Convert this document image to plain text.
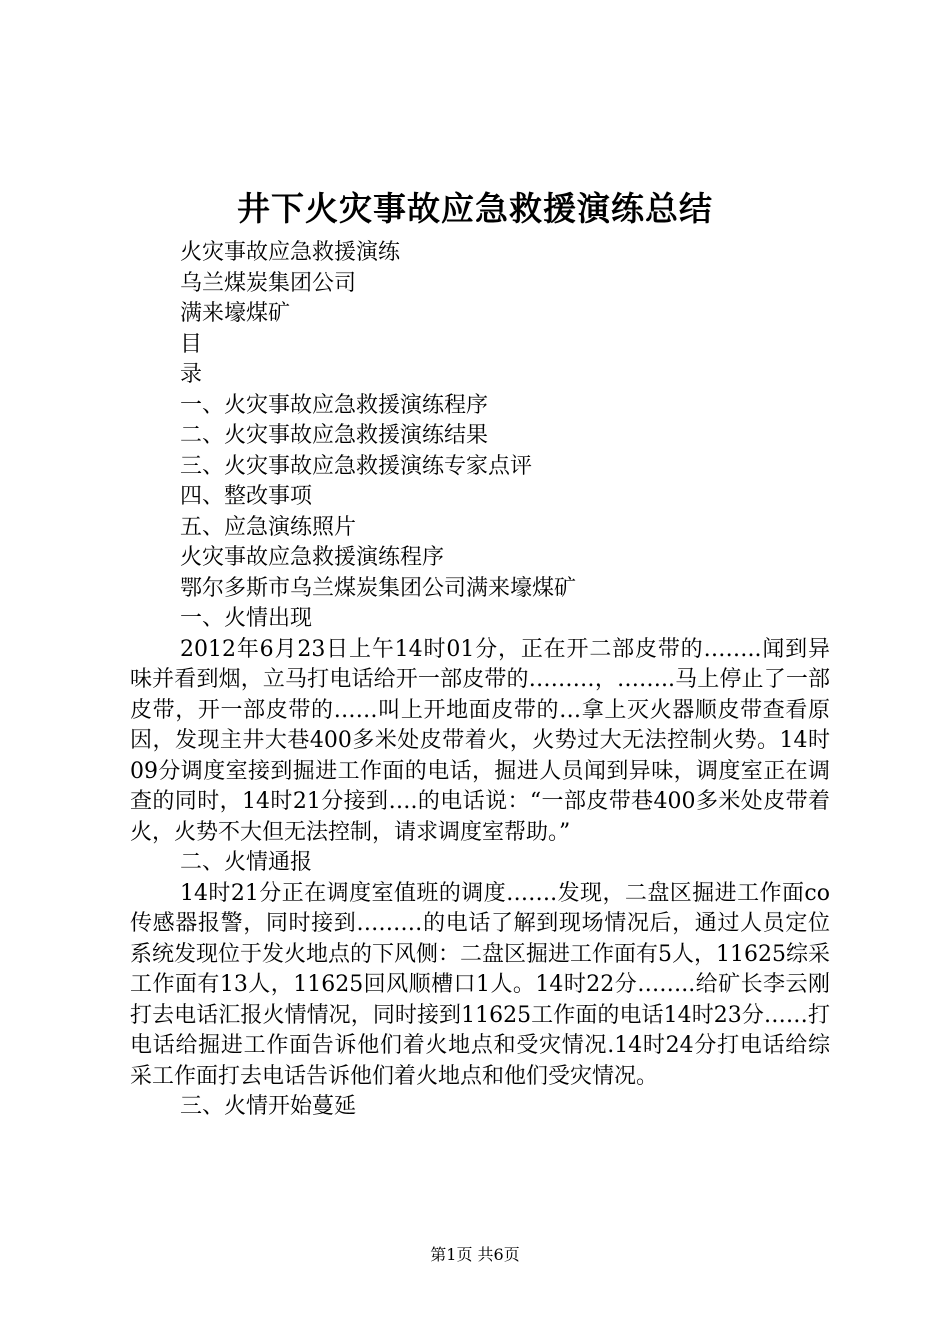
井下火灾事故应急救援演练总结
火灾事故应急救援演练
乌兰煤炭集团公司
满来壕煤矿
目
录
一、火灾事故应急救援演练程序
二、火灾事故应急救援演练结果
三、火灾事故应急救援演练专家点评
四、整改事项
五、应急演练照片
火灾事故应急救援演练程序
鄂尔多斯市乌兰煤炭集团公司满来壕煤矿
一、火情出现
2012年6月23日上午14时01分，正在开二部皮带的……..闻到异味并看到烟，立马打电话给开一部皮带的………，……..马上停止了一部皮带，开一部皮带的……叫上开地面皮带的…拿上灭火器顺皮带查看原因，发现主井大巷400多米处皮带着火，火势过大无法控制火势。14时09分调度室接到掘进工作面的电话，掘进人员闻到异味，调度室正在调查的同时，14时21分接到….的电话说：“一部皮带巷400多米处皮带着火，火势不大但无法控制，请求调度室帮助。”
二、火情通报
14时21分正在调度室值班的调度…….发现，二盘区掘进工作面co传感器报警，同时接到………的电话了解到现场情况后，通过人员定位系统发现位于发火地点的下风侧：二盘区掘进工作面有5人，11625综采工作面有13人，11625回风顺槽口1人。14时22分……..给矿长李云刚打去电话汇报火情情况，同时接到11625工作面的电话14时23分……打电话给掘进工作面告诉他们着火地点和受灾情况.14时24分打电话给综采工作面打去电话告诉他们着火地点和他们受灾情况。
三、火情开始蔓延
第1页 共6页
